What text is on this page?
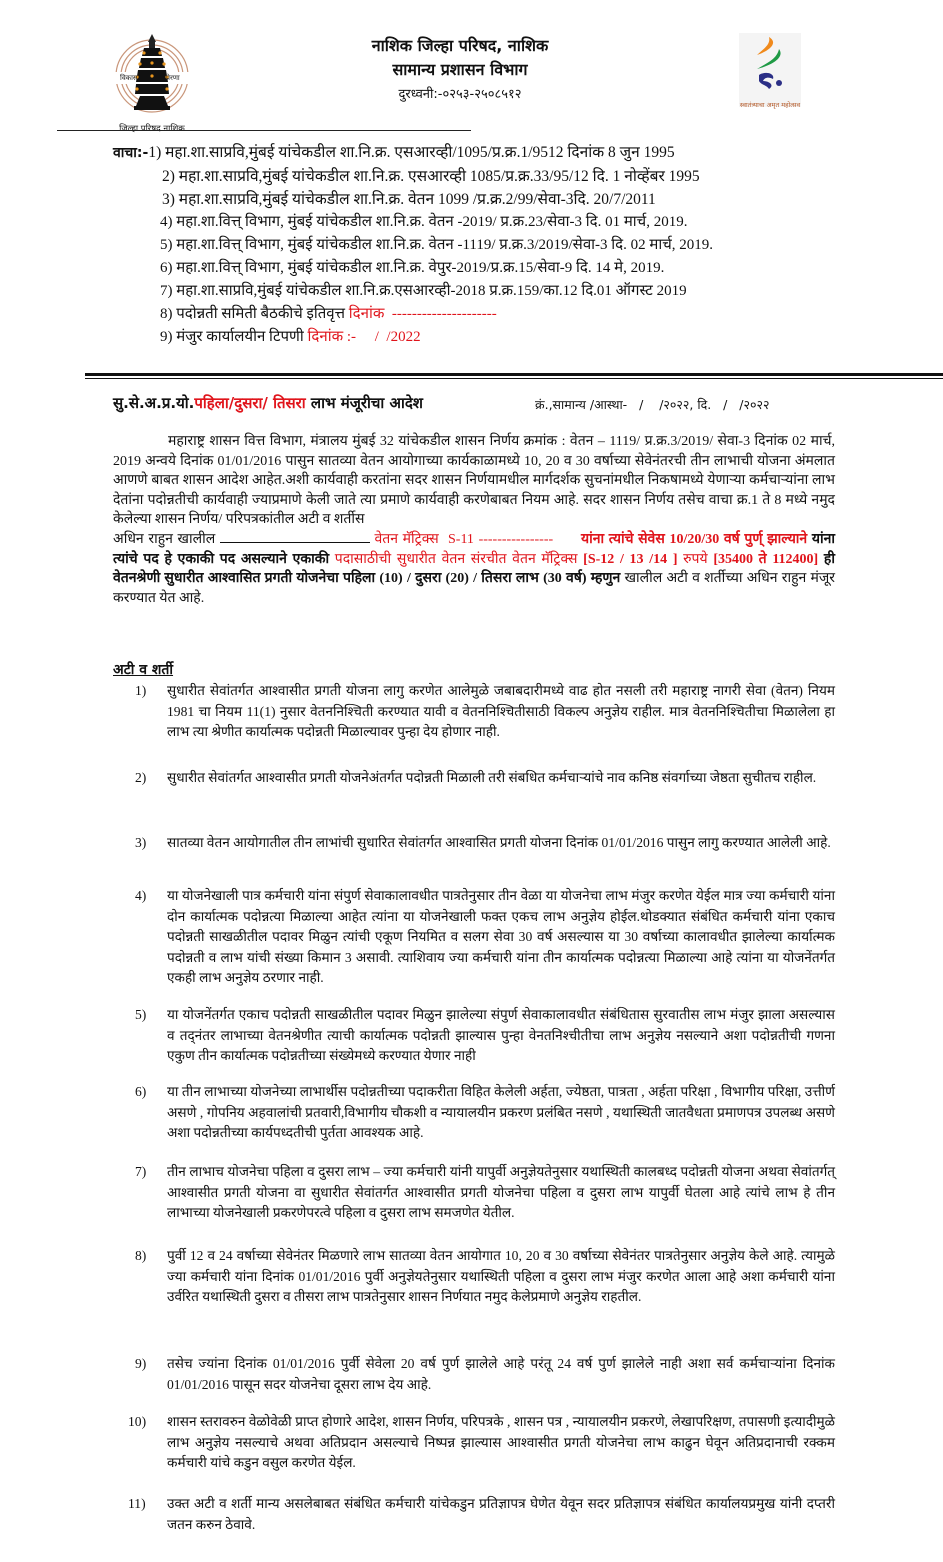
विकास	प्रेरणा
जिल्हा परिषद नाशिक
नाशिक जिल्हा परिषद, नाशिक
सामान्य प्रशासन विभाग
दुरध्वनी:-०२५३-२५०८५१२
स्वातंत्र्याचा अमृत महोत्सव
वाचा:-1) महा.शा.साप्रवि,मुंबई यांचेकडील शा.नि.क्र. एसआरव्ही/1095/प्र.क्र.1/9512 दिनांक 8 जुन 1995
2) महा.शा.साप्रवि,मुंबई यांचेकडील शा.नि.क्र. एसआरव्ही 1085/प्र.क्र.33/95/12 दि. 1 नोव्हेंबर 1995
3) महा.शा.साप्रवि,मुंबई यांचेकडील शा.नि.क्र. वेतन 1099 /प्र.क्र.2/99/सेवा-3दि. 20/7/2011
4) महा.शा.वित्त् विभाग, मुंबई यांचेकडील शा.नि.क्र. वेतन -2019/ प्र.क्र.23/सेवा-3 दि. 01 मार्च, 2019.
5) महा.शा.वित्त् विभाग, मुंबई यांचेकडील शा.नि.क्र. वेतन -1119/ प्र.क्र.3/2019/सेवा-3 दि. 02 मार्च, 2019.
6) महा.शा.वित्त् विभाग, मुंबई यांचेकडील शा.नि.क्र. वेपुर-2019/प्र.क्र.15/सेवा-9 दि. 14 मे, 2019.
7) महा.शा.साप्रवि,मुंबई यांचेकडील शा.नि.क्र.एसआरव्ही-2018 प्र.क्र.159/का.12 दि.01 ऑगस्ट 2019
8) पदोन्नती समिती बैठकीचे इतिवृत्त दिनांक  ---------------------
9) मंजुर कार्यालयीन टिपणी दिनांक :-     /  /2022
सु.से.अ.प्र.यो.पहिला/दुसरा/ तिसरा लाभ मंजूरीचा आदेश	क्रं.,सामान्य /आस्था-   /    /२०२२, दि.   /   /२०२२
महाराष्ट्र शासन वित्त विभाग, मंत्रालय मुंबई 32 यांचेकडील शासन निर्णय क्रमांक : वेतन – 1119/ प्र.क्र.3/2019/ सेवा-3 दिनांक 02 मार्च, 2019 अन्वये दिनांक 01/01/2016 पासुन सातव्या वेतन आयोगाच्या कार्यकाळामध्ये 10, 20 व 30 वर्षाच्या सेवेनंतरची तीन लाभाची योजना अंमलात आणणे बाबत शासन आदेश आहेत.अशी कार्यवाही करतांना सदर शासन निर्णयामधील मार्गदर्शक सुचनांमधील निकषामध्ये येणाऱ्या कर्मचाऱ्यांना लाभ देतांना पदोन्नतीची कार्यवाही ज्याप्रमाणे केली जाते त्या प्रमाणे कार्यवाही करणेबाबत नियम आहे. सदर शासन निर्णय तसेच वाचा क्र.1 ते 8 मध्ये नमुद केलेल्या शासन निर्णय/ परिपत्रकांतील अटी व शर्तीस
अधिन राहुन खालील	वेतन मॅट्रिक्स  S-11 ----------------      यांना त्यांचे सेवेस 10/20/30 वर्ष पुर्ण् झाल्याने यांना त्यांचे पद हे एकाकी पद असल्याने एकाकी पदासाठीची सुधारीत वेतन संरचीत वेतन मॅट्रिक्स [S-12 / 13 /14 ] रुपये [35400 ते 112400] ही वेतनश्रेणी सुधारीत आश्वासित प्रगती योजनेचा पहिला (10) / दुसरा (20) / तिसरा लाभ (30 वर्ष) म्हणुन खालील अटी व शर्तीच्या अधिन राहुन मंजूर करण्यात येत आहे.
अटी व शर्ती
1) सुधारीत सेवांतर्गत आश्वासीत प्रगती योजना लागु करणेत आलेमुळे जबाबदारीमध्ये वाढ होत नसली तरी महाराष्ट्र नागरी सेवा (वेतन) नियम 1981 चा नियम 11(1) नुसार वेतननिश्चिती करण्यात यावी व वेतननिश्चितीसाठी विकल्प अनुज्ञेय राहील. मात्र वेतननिश्चितीचा मिळालेला हा लाभ त्या श्रेणीत कार्यात्मक पदोन्नती मिळाल्यावर पुन्हा देय होणार नाही.
2) सुधारीत सेवांतर्गत आश्वासीत प्रगती योजनेअंतर्गत पदोन्नती मिळाली तरी संबधित कर्मचाऱ्यांचे नाव कनिष्ठ संवर्गाच्या जेष्ठता सुचीतच राहील.
3) सातव्या वेतन आयोगातील तीन लाभांची सुधारित सेवांतर्गत आश्वासित प्रगती योजना दिनांक 01/01/2016 पासुन लागु करण्यात आलेली आहे.
4) या योजनेखाली पात्र कर्मचारी यांना संपुर्ण सेवाकालावधीत पात्रतेनुसार तीन वेळा या योजनेचा लाभ मंजुर करणेत येईल मात्र ज्या कर्मचारी यांना दोन कार्यात्मक पदोन्नत्या मिळाल्या आहेत त्यांना या योजनेखाली फक्त एकच लाभ अनुज्ञेय होईल.थोडक्यात संबंधित कर्मचारी यांना एकाच पदोन्नती साखळीतील पदावर मिळुन त्यांची एकूण नियमित व सलग सेवा 30 वर्ष असल्यास या 30 वर्षाच्या कालावधीत झालेल्या कार्यात्मक पदोन्नती व लाभ यांची संख्या किमान 3 असावी. त्याशिवाय ज्या कर्मचारी यांना तीन कार्यात्मक पदोन्नत्या मिळाल्या आहे त्यांना या योजनेंतर्गत एकही लाभ अनुज्ञेय ठरणार नाही.
5) या योजनेंतर्गत एकाच पदोन्नती साखळीतील पदावर मिळुन झालेल्या संपुर्ण सेवाकालावधीत संबंधितास सुरवातीस लाभ मंजुर झाला असल्यास व तद्‌नंतर लाभाच्या वेतनश्रेणीत त्याची कार्यात्मक पदोन्नती झाल्यास पुन्हा वेनतनिश्चीतीचा लाभ अनुज्ञेय नसल्याने अशा पदोन्नतीची गणना एकुण तीन कार्यात्मक पदोन्नतीच्या संख्येमध्ये करण्यात येणार नाही
6) या तीन लाभाच्या योजनेच्या लाभार्थीस पदोन्नतीच्या पदाकरीता विहित केलेली अर्हता, ज्येष्ठता, पात्रता , अर्हता परिक्षा , विभागीय परिक्षा, उत्तीर्ण असणे , गोपनिय अहवालांची प्रतवारी,विभागीय चौकशी व न्यायालयीन प्रकरण प्रलंबित नसणे , यथास्थिती जातवैधता प्रमाणपत्र उपलब्ध असणे अशा पदोन्नतीच्या कार्यपध्दतीची पुर्तता आवश्यक आहे.
7) तीन लाभाच योजनेचा पहिला व दुसरा लाभ – ज्या कर्मचारी यांनी यापुर्वी अनुज्ञेयतेनुसार यथास्थिती कालबध्द पदोन्नती योजना अथवा सेवांतर्गत् आश्वासीत प्रगती योजना वा सुधारीत सेवांतर्गत आश्वासीत प्रगती योजनेचा पहिला व दुसरा लाभ यापुर्वी घेतला आहे त्यांचे लाभ हे तीन लाभाच्या योजनेखाली प्रकरणेपरत्वे पहिला व दुसरा लाभ समजणेत येतील.
8) पुर्वी 12 व 24 वर्षाच्या सेवेनंतर मिळणारे लाभ सातव्या वेतन आयोगात 10, 20 व 30 वर्षाच्या सेवेनंतर पात्रतेनुसार अनुज्ञेय केले आहे. त्यामुळे ज्या कर्मचारी यांना दिनांक 01/01/2016 पुर्वी अनुज्ञेयतेनुसार यथास्थिती पहिला व दुसरा लाभ मंजुर करणेत आला आहे अशा कर्मचारी यांना उर्वरित यथास्थिती दुसरा व तीसरा लाभ पात्रतेनुसार शासन निर्णयात नमुद केलेप्रमाणे अनुज्ञेय राहतील.
9) तसेच ज्यांना दिनांक 01/01/2016 पुर्वी सेवेला 20 वर्ष पुर्ण झालेले आहे परंतू 24 वर्ष पुर्ण झालेले नाही अशा सर्व कर्मचाऱ्यांना दिनांक 01/01/2016 पासून सदर योजनेचा दूसरा लाभ देय आहे.
10) शासन स्तरावरुन वेळोवेळी प्राप्त होणारे आदेश, शासन निर्णय, परिपत्रके , शासन पत्र , न्यायालयीन प्रकरणे, लेखापरिक्षण, तपासणी इत्यादीमुळे लाभ अनुज्ञेय नसल्याचे अथवा अतिप्रदान असल्याचे निष्पन्न झाल्यास आश्वासीत प्रगती योजनेचा लाभ काढुन घेवून अतिप्रदानाची रक्कम कर्मचारी यांचे कडुन वसुल करणेत येईल.
11) उक्त अटी व शर्ती मान्य असलेबाबत संबंधित कर्मचारी यांचेकडुन प्रतिज्ञापत्र घेणेत येवून सदर प्रतिज्ञापत्र संबंधित कार्यालयप्रमुख यांनी दप्तरी जतन करुन ठेवावे.
